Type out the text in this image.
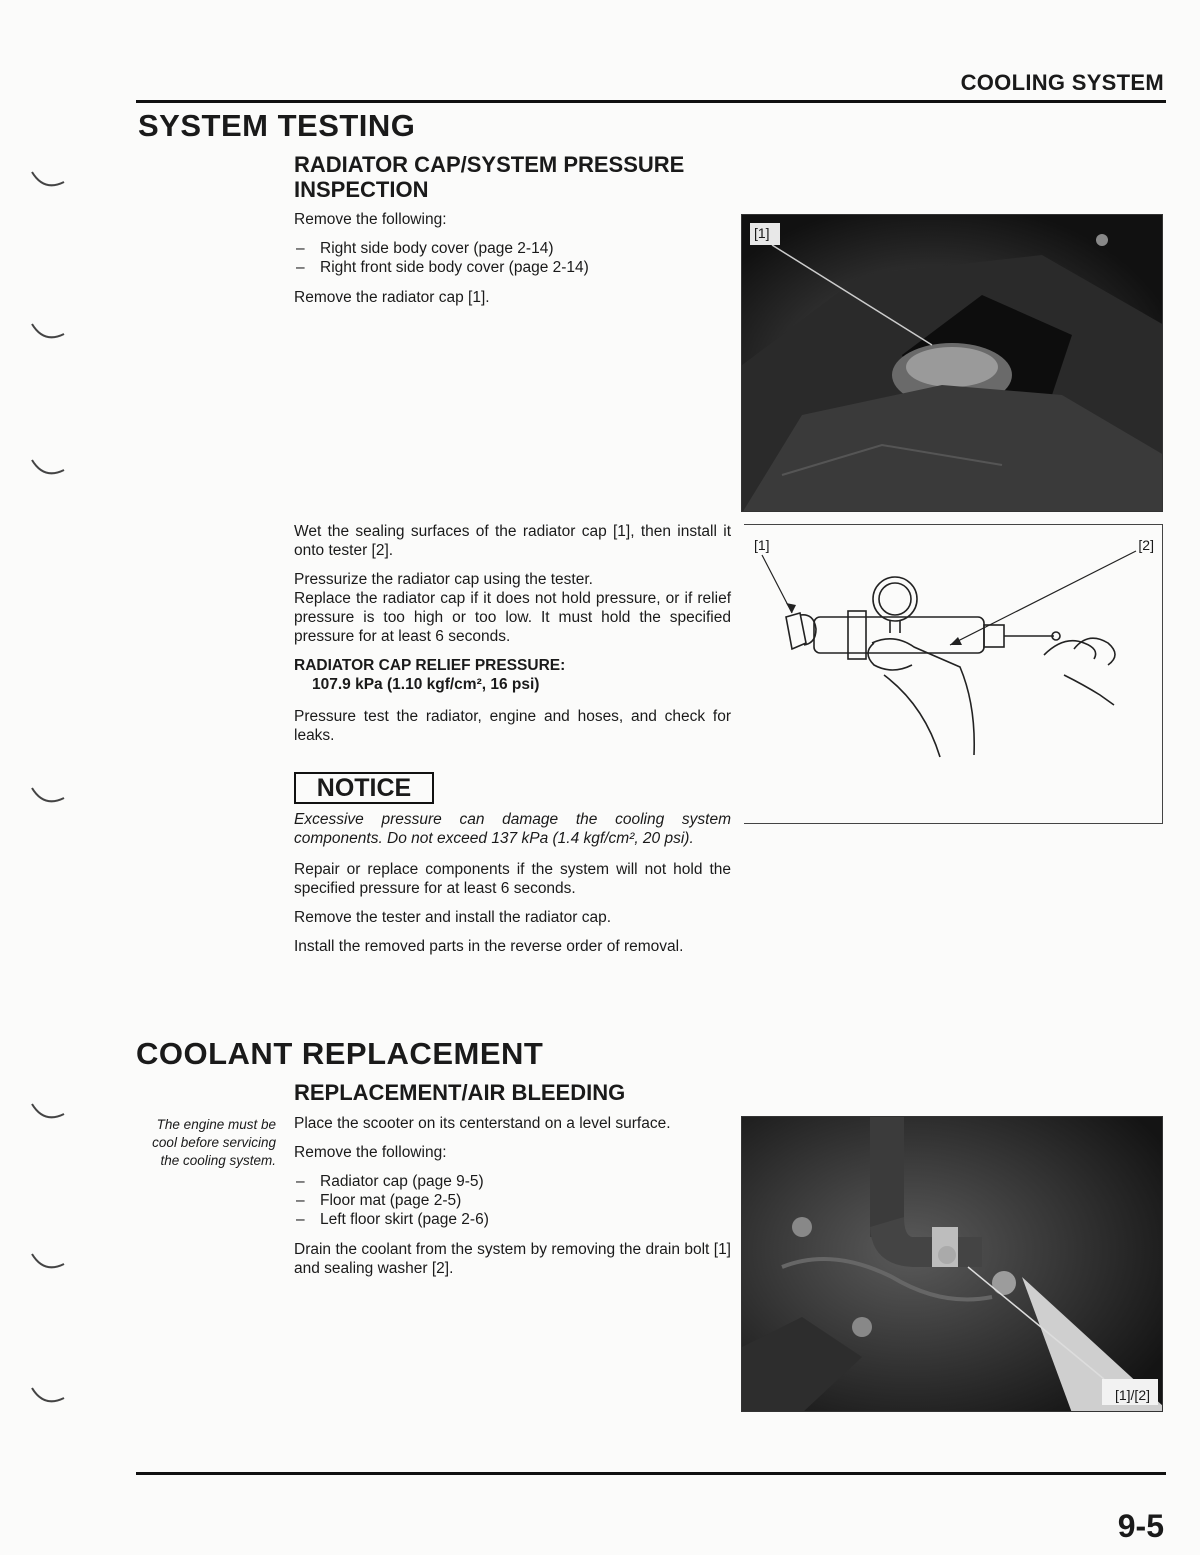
COOLING SYSTEM
SYSTEM TESTING
RADIATOR CAP/SYSTEM PRESSURE
INSPECTION

Remove the following:

– Right side body cover (page 2-14)
– Right front side body cover (page 2-14)

Remove the radiator cap [1].

[1]

Wet the sealing surfaces of the radiator cap [1], then install it onto tester [2].

Pressurize the radiator cap using the tester.

Replace the radiator cap if it does not hold pressure, or if relief pressure is too high or too low. It must hold the specified pressure for at least 6 seconds.

RADIATOR CAP RELIEF PRESSURE:

107.9 kPa (1.10 kgf/cm², 16 psi)

Pressure test the radiator, engine and hoses, and check for leaks.

[1]	[2]
NOTICE

Excessive pressure can damage the cooling system components. Do not exceed 137 kPa (1.4 kgf/cm², 20 psi).

Repair or replace components if the system will not hold the specified pressure for at least 6 seconds.

Remove the tester and install the radiator cap.

Install the removed parts in the reverse order of removal.

COOLANT REPLACEMENT
REPLACEMENT/AIR BLEEDING
The engine must be cool before servicing the cooling system.

Place the scooter on its centerstand on a level surface.

Remove the following:

– Radiator cap (page 9-5)
– Floor mat (page 2-5)
– Left floor skirt (page 2-6)

Drain the coolant from the system by removing the drain bolt [1] and sealing washer [2].

[1]/[2]
9-5
